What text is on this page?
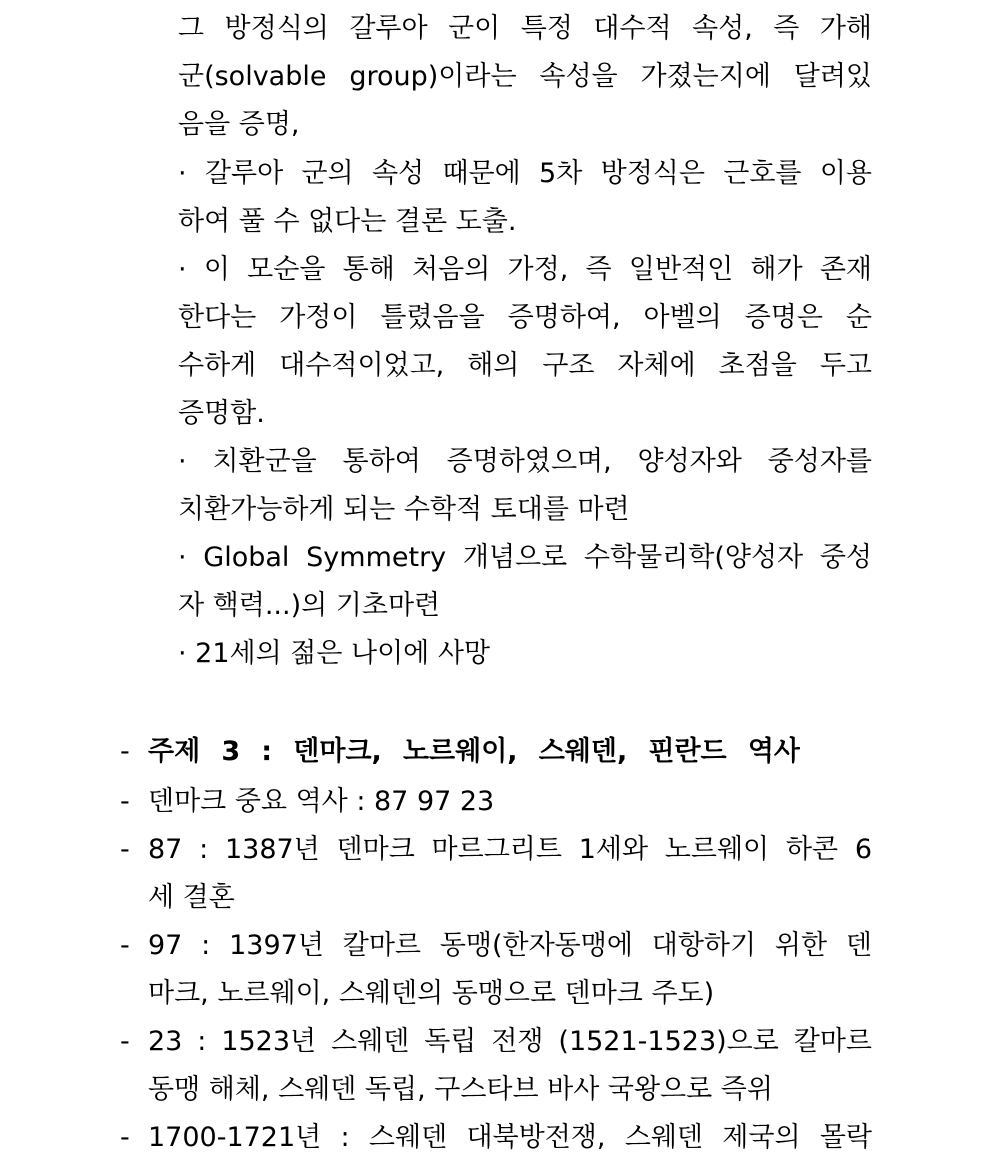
그 방정식의 갈루아 군이 특정 대수적 속성, 즉 가해
군(solvable group)이라는 속성을 가졌는지에 달려있
음을 증명,
· 갈루아 군의 속성 때문에 5차 방정식은 근호를 이용
하여 풀 수 없다는 결론 도출.
· 이 모순을 통해 처음의 가정, 즉 일반적인 해가 존재
한다는 가정이 틀렸음을 증명하여, 아벨의 증명은 순
수하게 대수적이었고, 해의 구조 자체에 초점을 두고
증명함.
· 치환군을 통하여 증명하였으며, 양성자와 중성자를
치환가능하게 되는 수학적 토대를 마련
· Global Symmetry 개념으로 수학물리학(양성자 중성
자 핵력...)의 기초마련
· 21세의 젊은 나이에 사망
- 주제 3 : 덴마크, 노르웨이, 스웨덴, 핀란드 역사
- 덴마크 중요 역사 : 87 97 23
- 87 : 1387년 덴마크 마르그리트 1세와 노르웨이 하콘 6
세 결혼
- 97 : 1397년 칼마르 동맹(한자동맹에 대항하기 위한 덴
마크, 노르웨이, 스웨덴의 동맹으로 덴마크 주도)
- 23 : 1523년 스웨덴 독립 전쟁 (1521-1523)으로 칼마르
동맹 해체, 스웨덴 독립, 구스타브 바사 국왕으로 즉위
- 1700-1721년 : 스웨덴 대북방전쟁, 스웨덴 제국의 몰락
